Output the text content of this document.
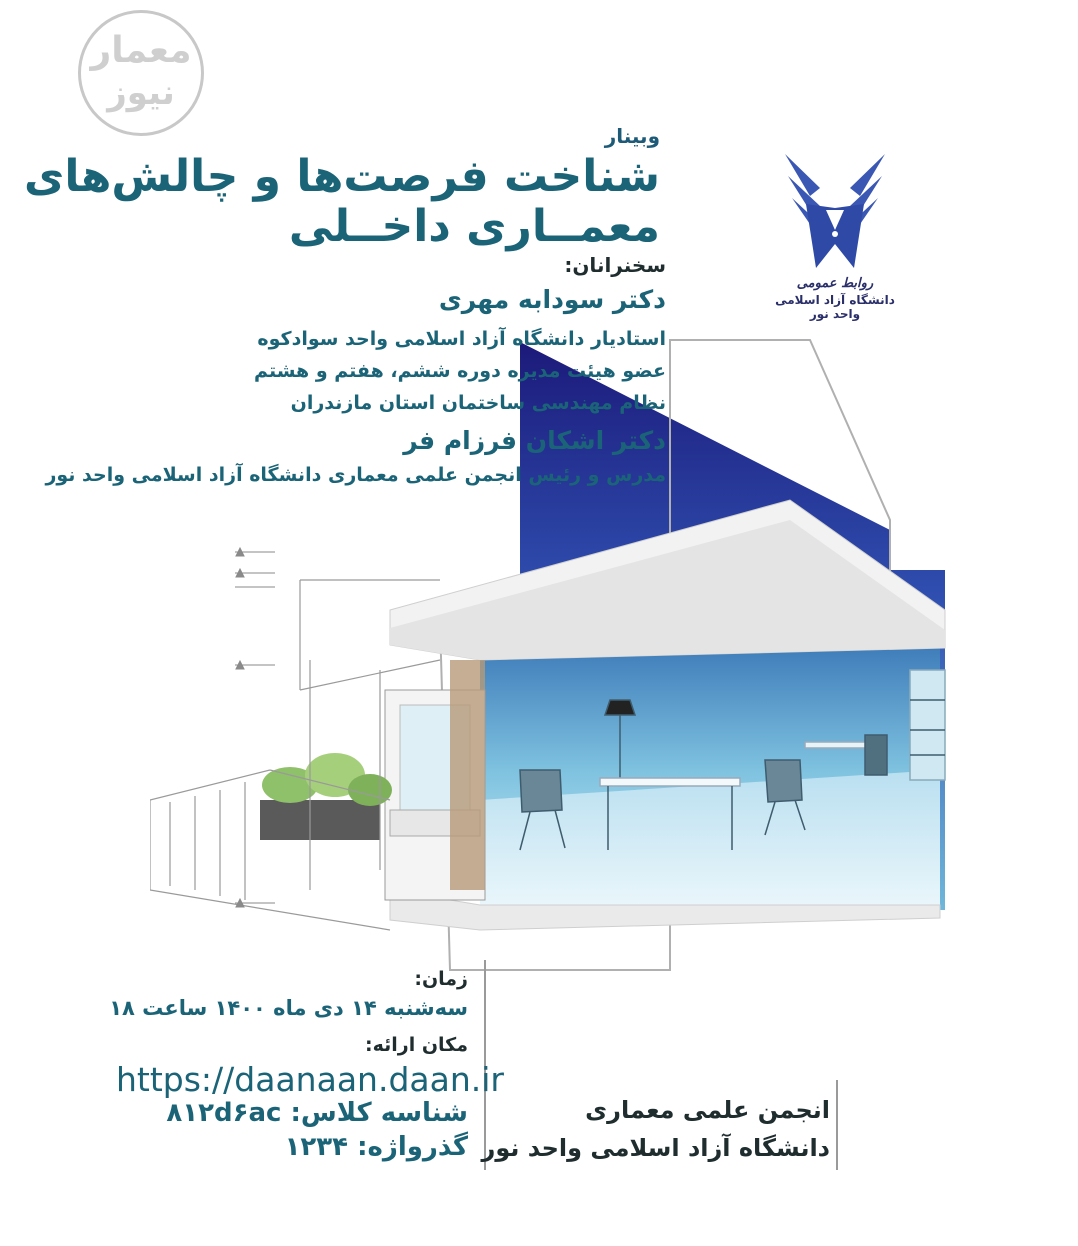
معمار
نیوز
روابط عمومی
دانشگاه آزاد اسلامی واحد نور
وبینار
شناخت فرصت‌ها و چالش‌های
معمــاری داخــلی
سخنرانان:
دکتر سودابه مهری
استادیار دانشگاه آزاد اسلامی واحد سوادکوه
عضو هیئت مدیره دوره ششم، هفتم و هشتم
نظام مهندسی ساختمان استان مازندران
دکتر اشکان فرزام فر
مدرس و رئیس انجمن علمی معماری دانشگاه آزاد اسلامی واحد نور
زمان:
سه‌شنبه ۱۴ دی ماه ۱۴۰۰ ساعت ۱۸
مکان ارائه:
https://daanaan.daan.ir
شناسه کلاس: ۸۱۲d۶ac
گذرواژه: ۱۲۳۴
انجمن علمی معماری
دانشگاه آزاد اسلامی واحد نور
